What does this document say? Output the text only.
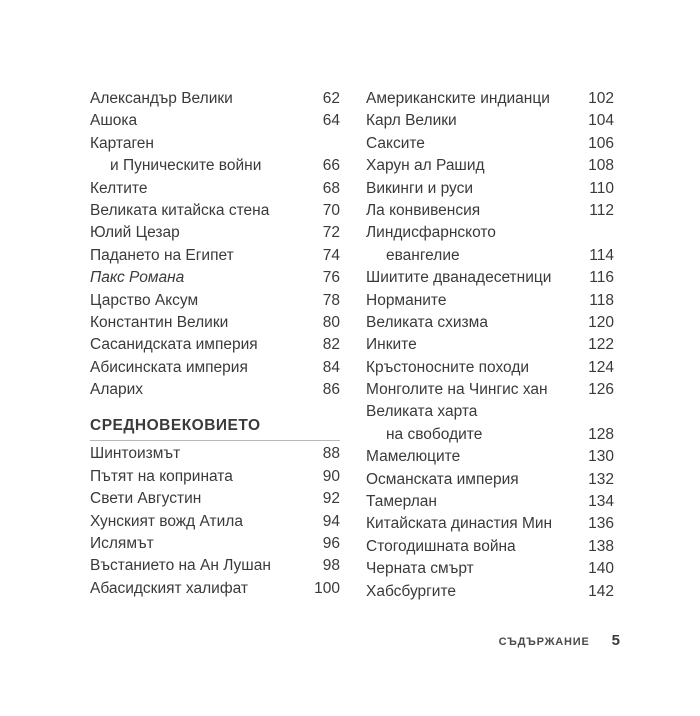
Александър Велики	62
Ашока	64
Картаген
и Пуническите войни	66
Келтите	68
Великата китайска стена	70
Юлий Цезар	72
Падането на Египет	74
Пакс Романа	76
Царство Аксум	78
Константин Велики	80
Сасанидската империя	82
Абисинската империя	84
Аларих	86
СРЕДНОВЕКОВИЕТО
Шинтоизмът	88
Пътят на коприната	90
Свети Августин	92
Хунският вожд Атила	94
Ислямът	96
Въстанието на Ан Лушан	98
Абасидският халифат	100
Американските индианци	102
Карл Велики	104
Саксите	106
Харун ал Рашид	108
Викинги и руси	110
Ла конвивенсия	112
Линдисфарнското
евангелие	114
Шиитите дванадесетници	116
Норманите	118
Великата схизма	120
Инките	122
Кръстоносните походи	124
Монголите на Чингис хан	126
Великата харта
на свободите	128
Мамелюците	130
Османската империя	132
Тамерлан	134
Китайската династия Мин	136
Стогодишната война	138
Черната смърт	140
Хабсбургите	142
СЪДЪРЖАНИЕ 5
